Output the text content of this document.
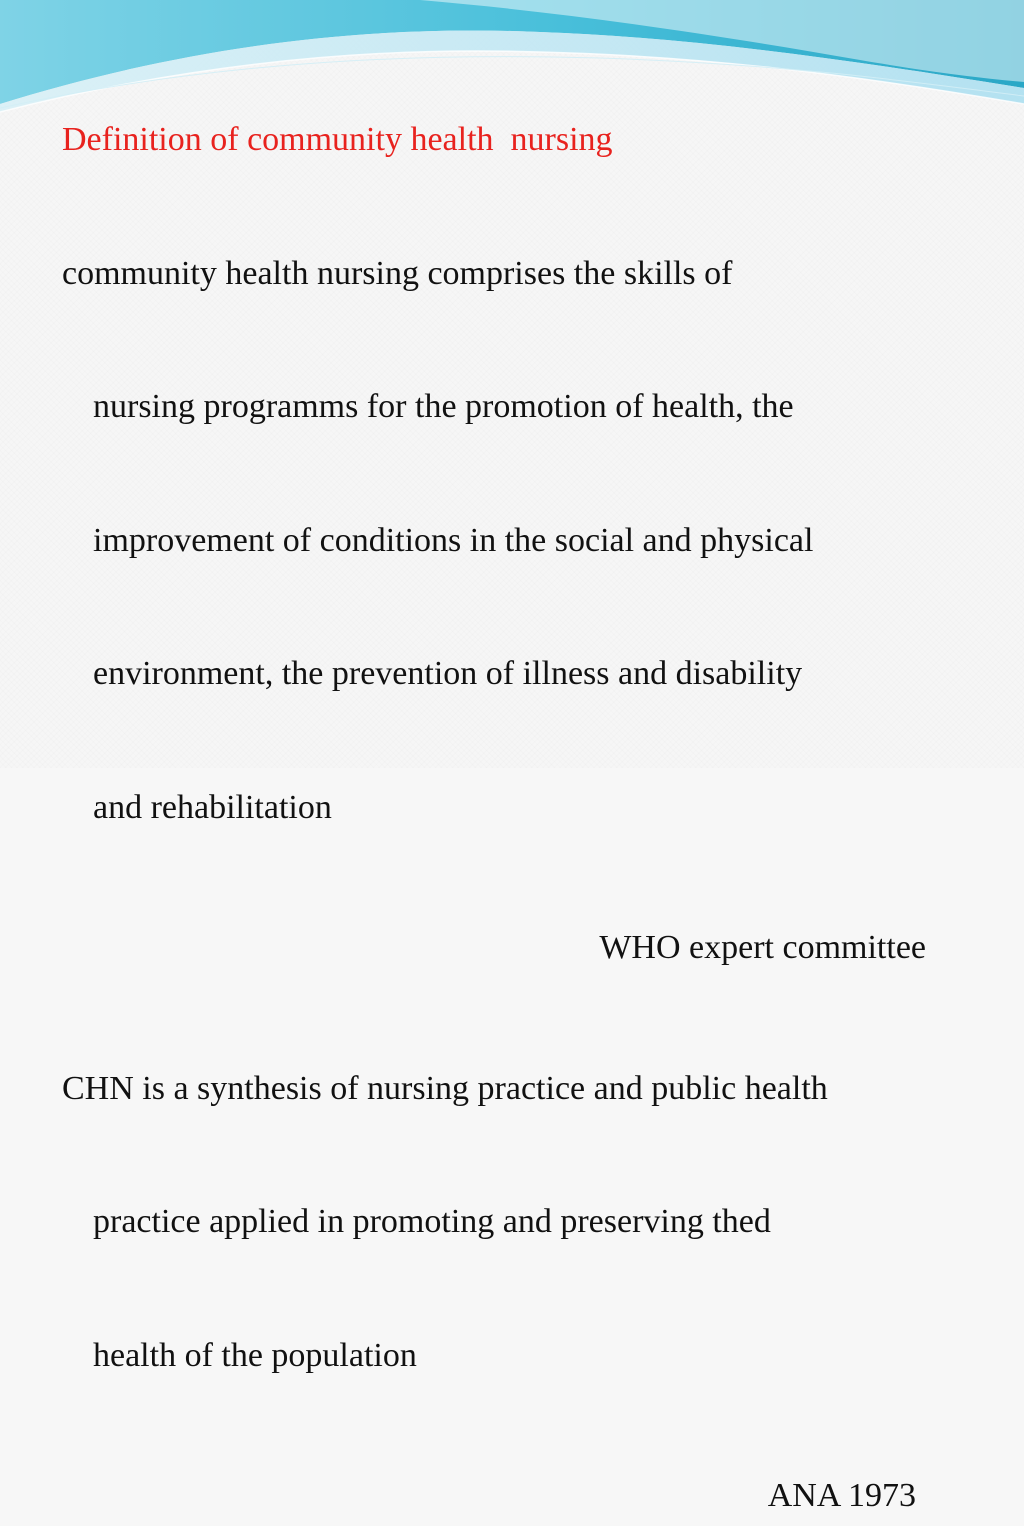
Definition of community health  nursing

community health nursing comprises the skills of

nursing programms for the promotion of health, the

improvement of conditions in the social and physical

environment, the prevention of illness and disability

and rehabilitation

WHO expert committee

CHN is a synthesis of nursing practice and public health

practice applied in promoting and preserving thed

health of the population

ANA 1973
